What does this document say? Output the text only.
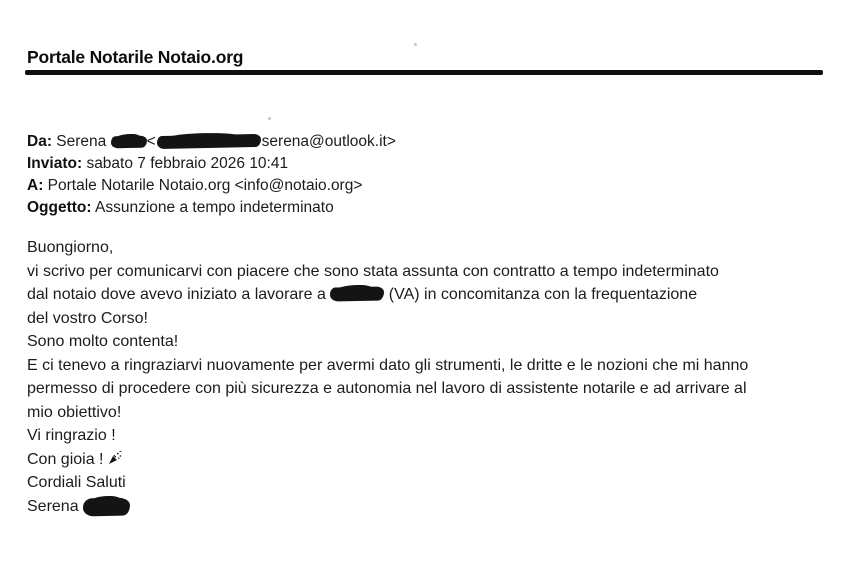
Portale Notarile Notaio.org
Da: Serena	<	serena@outlook.it>
Inviato: sabato 7 febbraio 2026 10:41
A: Portale Notarile Notaio.org <info@notaio.org>
Oggetto: Assunzione a tempo indeterminato
Buongiorno,
vi scrivo per comunicarvi con piacere che sono stata assunta con contratto a tempo indeterminato
dal notaio dove avevo iniziato a lavorare a	(VA) in concomitanza con la frequentazione
del vostro Corso!
Sono molto contenta!
E ci tenevo a ringraziarvi nuovamente per avermi dato gli strumenti, le dritte e le nozioni che mi hanno
permesso di procedere con più sicurezza e autonomia nel lavoro di assistente notarile e ad arrivare al
mio obiettivo!
Vi ringrazio !
Con gioia !
Cordiali Saluti
Serena
